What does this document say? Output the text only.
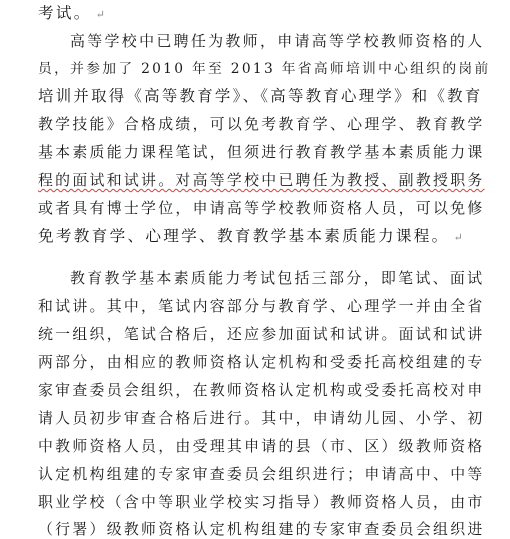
考试。 ↵
高等学校中已聘任为教师，申请高等学校教师资格的人
员，并参加了 2010 年至 2013 年省高师培训中心组织的岗前
培训并取得《高等教育学》、《高等教育心理学》和《教育
教学技能》合格成绩，可以免考教育学、心理学、教育教学
基本素质能力课程笔试，但须进行教育教学基本素质能力课
程的面试和试讲。对高等学校中已聘任为教授、副教授职务
或者具有博士学位，申请高等学校教师资格人员，可以免修
免考教育学、心理学、教育教学基本素质能力课程。 ↵
教育教学基本素质能力考试包括三部分，即笔试、面试
和试讲。其中，笔试内容部分与教育学、心理学一并由全省
统一组织，笔试合格后，还应参加面试和试讲。面试和试讲
两部分，由相应的教师资格认定机构和受委托高校组建的专
家审查委员会组织，在教师资格认定机构或受委托高校对申
请人员初步审查合格后进行。其中，申请幼儿园、小学、初
中教师资格人员，由受理其申请的县（市、区）级教师资格
认定机构组建的专家审查委员会组织进行；申请高中、中等
职业学校（含中等职业学校实习指导）教师资格人员，由市
（行署）级教师资格认定机构组建的专家审查委员会组织进
